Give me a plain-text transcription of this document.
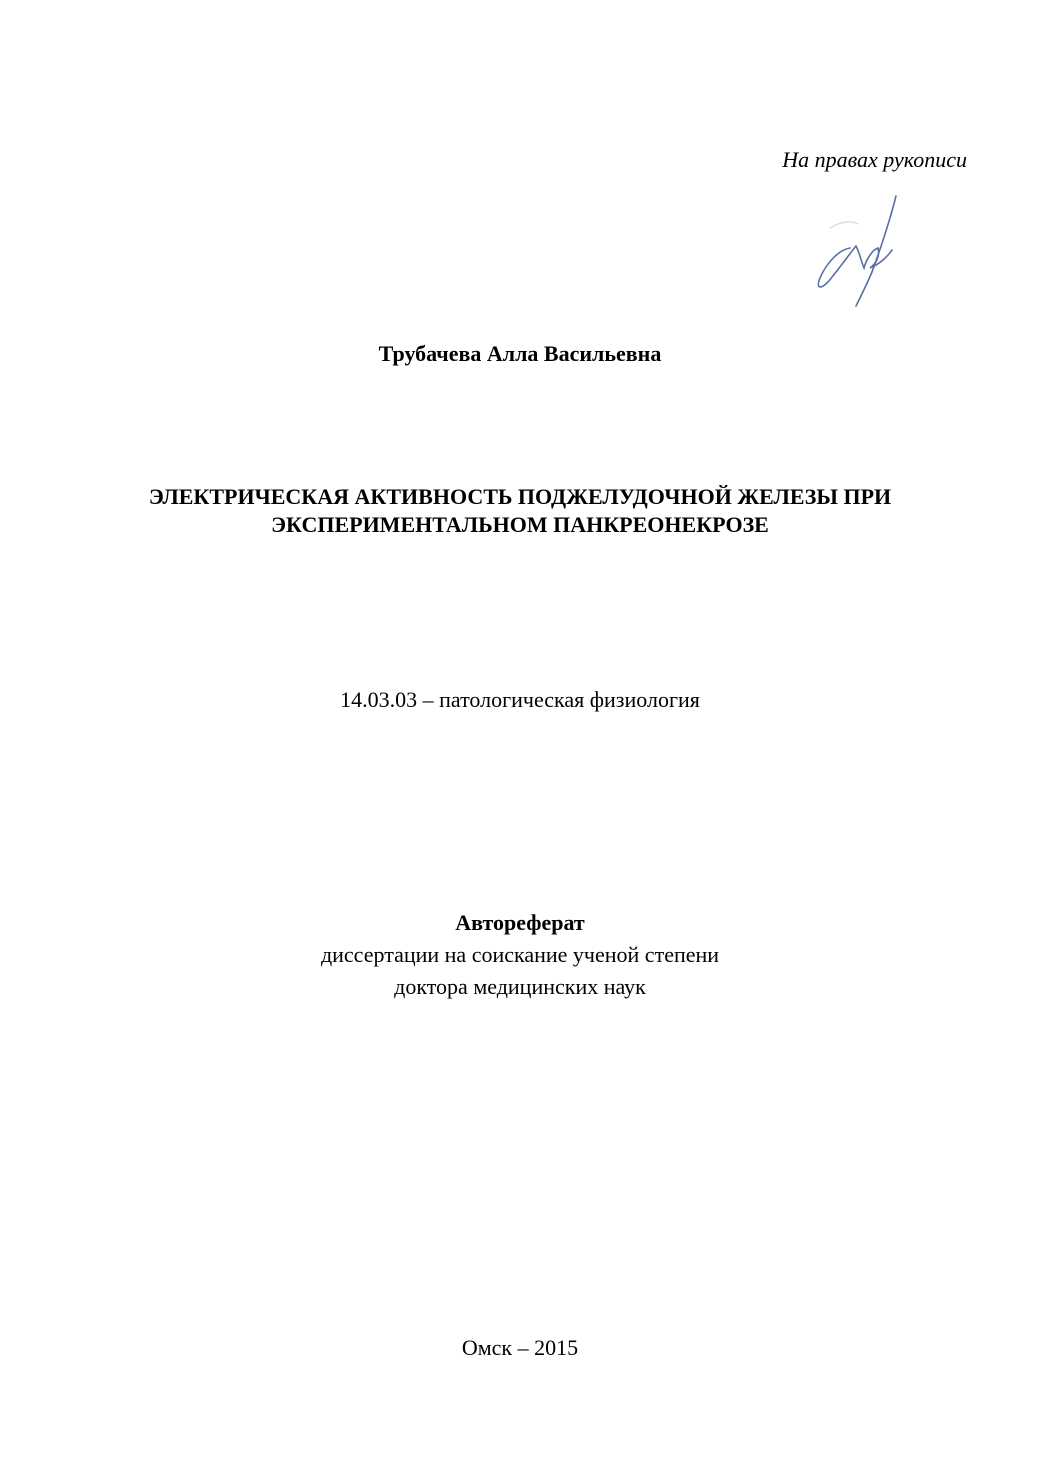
На правах рукописи
Трубачева Алла Васильевна
ЭЛЕКТРИЧЕСКАЯ АКТИВНОСТЬ ПОДЖЕЛУДОЧНОЙ ЖЕЛЕЗЫ ПРИ
ЭКСПЕРИМЕНТАЛЬНОМ ПАНКРЕОНЕКРОЗЕ
14.03.03 – патологическая физиология
Автореферат
диссертации на соискание ученой степени
доктора медицинских наук
Омск – 2015
